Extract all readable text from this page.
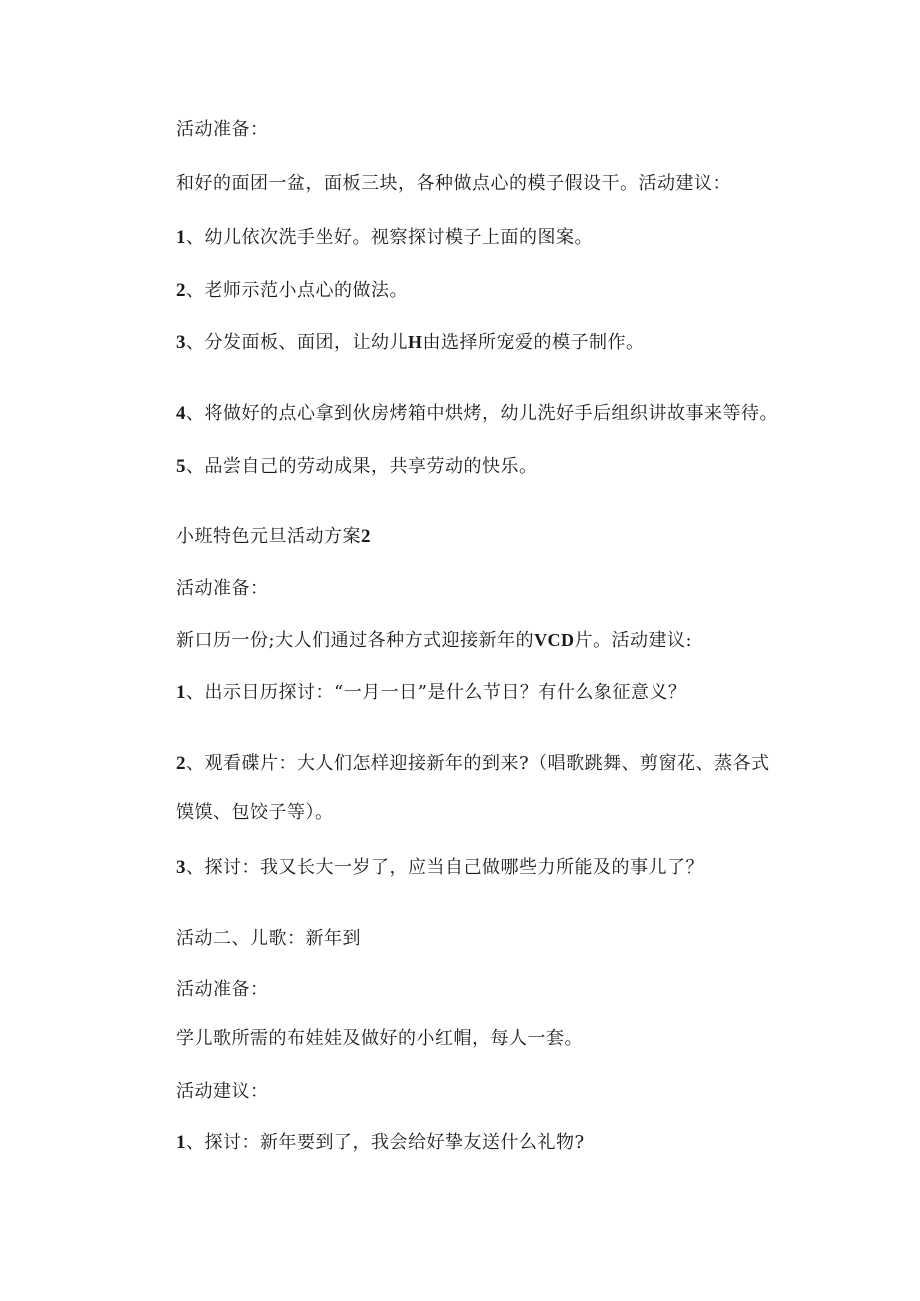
活动准备：
和好的面团一盆，面板三块，各种做点心的模子假设干。活动建议：
1、幼儿依次洗手坐好。视察探讨模子上面的图案。
2、老师示范小点心的做法。
3、分发面板、面团，让幼儿H由选择所宠爱的模子制作。
4、将做好的点心拿到伙房烤箱中烘烤，幼儿洗好手后组织讲故事来等待。
5、品尝自己的劳动成果，共享劳动的快乐。
小班特色元旦活动方案2
活动准备：
新口历一份;大人们通过各种方式迎接新年的VCD片。活动建议:
1、出示日历探讨：“一月一日”是什么节日？有什么象征意义？
2、观看碟片：大人们怎样迎接新年的到来?（唱歌跳舞、剪窗花、蒸各式
馍馍、包饺子等）。
3、探讨：我又长大一岁了，应当自己做哪些力所能及的事儿了？
活动二、儿歌：新年到
活动准备：
学儿歌所需的布娃娃及做好的小红帽，每人一套。
活动建议：
1、探讨：新年要到了，我会给好挚友送什么礼物?
